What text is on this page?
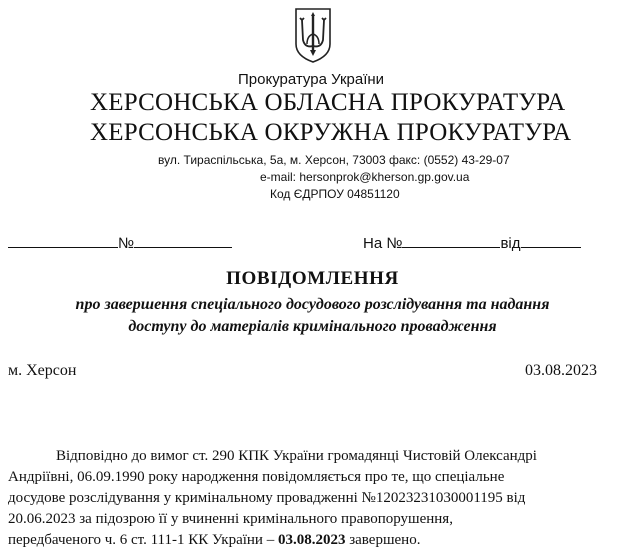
Прокуратура України
ХЕРСОНСЬКА ОБЛАСНА ПРОКУРАТУРА
ХЕРСОНСЬКА ОКРУЖНА ПРОКУРАТУРА
вул. Тираспільська, 5а, м. Херсон, 73003 факс: (0552) 43-29-07
e-mail: hersonprok@kherson.gp.gov.ua
Код ЄДРПОУ 04851120
№	На №	від
ПОВІДОМЛЕННЯ
про завершення спеціального досудового розслідування та надання
доступу до матеріалів кримінального провадження
м. Херсон	03.08.2023
Відповідно до вимог ст. 290 КПК України громадянці Чистовій Олександрі
Андріївні, 06.09.1990 року народження повідомляється про те, що спеціальне
досудове розслідування у кримінальному провадженні №12023231030001195 від
20.06.2023 за підозрою її у вчиненні кримінального правопорушення,
передбаченого ч. 6 ст. 111-1 КК України – 03.08.2023 завершено.
